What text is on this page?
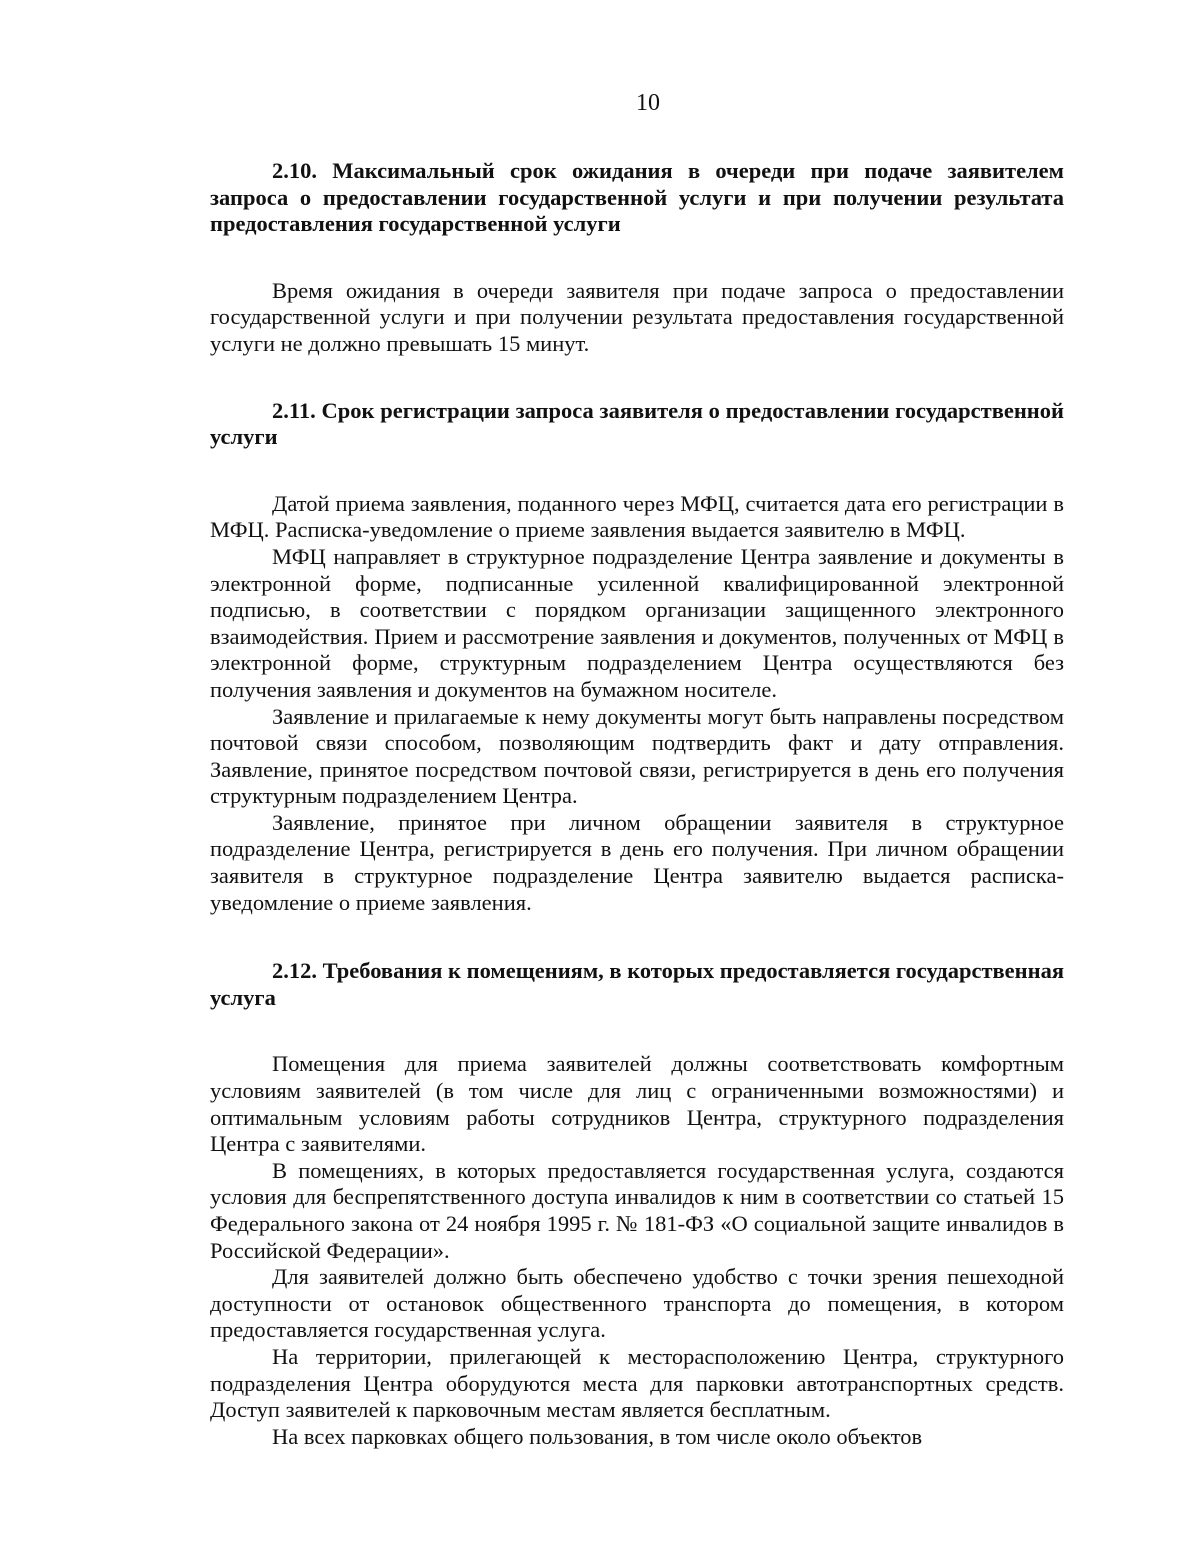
10

2.10. Максимальный срок ожидания в очереди при подаче заявителем запроса о предоставлении государственной услуги и при получении результата предоставления государственной услуги

Время ожидания в очереди заявителя при подаче запроса о предоставлении государственной услуги и при получении результата предоставления государственной услуги не должно превышать 15 минут.

2.11. Срок регистрации запроса заявителя о предоставлении государственной услуги

Датой приема заявления, поданного через МФЦ, считается дата его регистрации в МФЦ. Расписка-уведомление о приеме заявления выдается заявителю в МФЦ.

МФЦ направляет в структурное подразделение Центра заявление и документы в электронной форме, подписанные усиленной квалифицированной электронной подписью, в соответствии с порядком организации защищенного электронного взаимодействия. Прием и рассмотрение заявления и документов, полученных от МФЦ в электронной форме, структурным подразделением Центра осуществляются без получения заявления и документов на бумажном носителе.

Заявление и прилагаемые к нему документы могут быть направлены посредством почтовой связи способом, позволяющим подтвердить факт и дату отправления. Заявление, принятое посредством почтовой связи, регистрируется в день его получения структурным подразделением Центра.

Заявление, принятое при личном обращении заявителя в структурное подразделение Центра, регистрируется в день его получения. При личном обращении заявителя в структурное подразделение Центра заявителю выдается расписка-уведомление о приеме заявления.

2.12. Требования к помещениям, в которых предоставляется государственная услуга

Помещения для приема заявителей должны соответствовать комфортным условиям заявителей (в том числе для лиц с ограниченными возможностями) и оптимальным условиям работы сотрудников Центра, структурного подразделения Центра с заявителями.

В помещениях, в которых предоставляется государственная услуга, создаются условия для беспрепятственного доступа инвалидов к ним в соответствии со статьей 15 Федерального закона от 24 ноября 1995 г. № 181-ФЗ «О социальной защите инвалидов в Российской Федерации».

Для заявителей должно быть обеспечено удобство с точки зрения пешеходной доступности от остановок общественного транспорта до помещения, в котором предоставляется государственная услуга.

На территории, прилегающей к месторасположению Центра, структурного подразделения Центра оборудуются места для парковки автотранспортных средств. Доступ заявителей к парковочным местам является бесплатным.

На всех парковках общего пользования, в том числе около объектов
